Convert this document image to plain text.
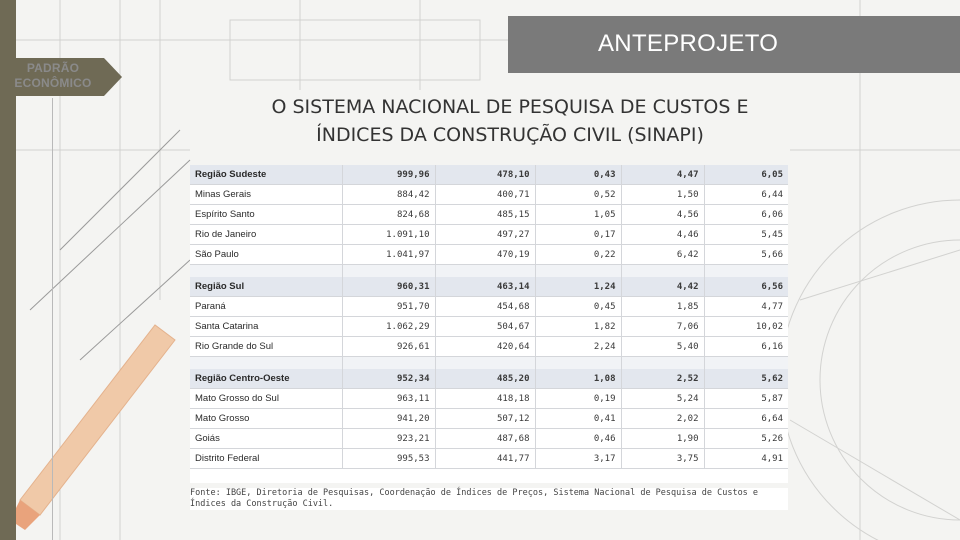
PADRÃO
ECONÔMICO
ANTEPROJETO
O SISTEMA NACIONAL DE PESQUISA DE CUSTOS E
ÍNDICES DA CONSTRUÇÃO CIVIL (SINAPI)
Região Sudeste	999,96	478,10	0,43	4,47	6,05
Minas Gerais	884,42	400,71	0,52	1,50	6,44
Espírito Santo	824,68	485,15	1,05	4,56	6,06
Rio de Janeiro	1.091,10	497,27	0,17	4,46	5,45
São Paulo	1.041,97	470,19	0,22	6,42	5,66

Região Sul	960,31	463,14	1,24	4,42	6,56
Paraná	951,70	454,68	0,45	1,85	4,77
Santa Catarina	1.062,29	504,67	1,82	7,06	10,02
Rio Grande do Sul	926,61	420,64	2,24	5,40	6,16

Região Centro-Oeste	952,34	485,20	1,08	2,52	5,62
Mato Grosso do Sul	963,11	418,18	0,19	5,24	5,87
Mato Grosso	941,20	507,12	0,41	2,02	6,64
Goiás	923,21	487,68	0,46	1,90	5,26
Distrito Federal	995,53	441,77	3,17	3,75	4,91
Fonte: IBGE, Diretoria de Pesquisas, Coordenação de Índices de Preços, Sistema Nacional de Pesquisa de Custos e Índices da Construção Civil.
